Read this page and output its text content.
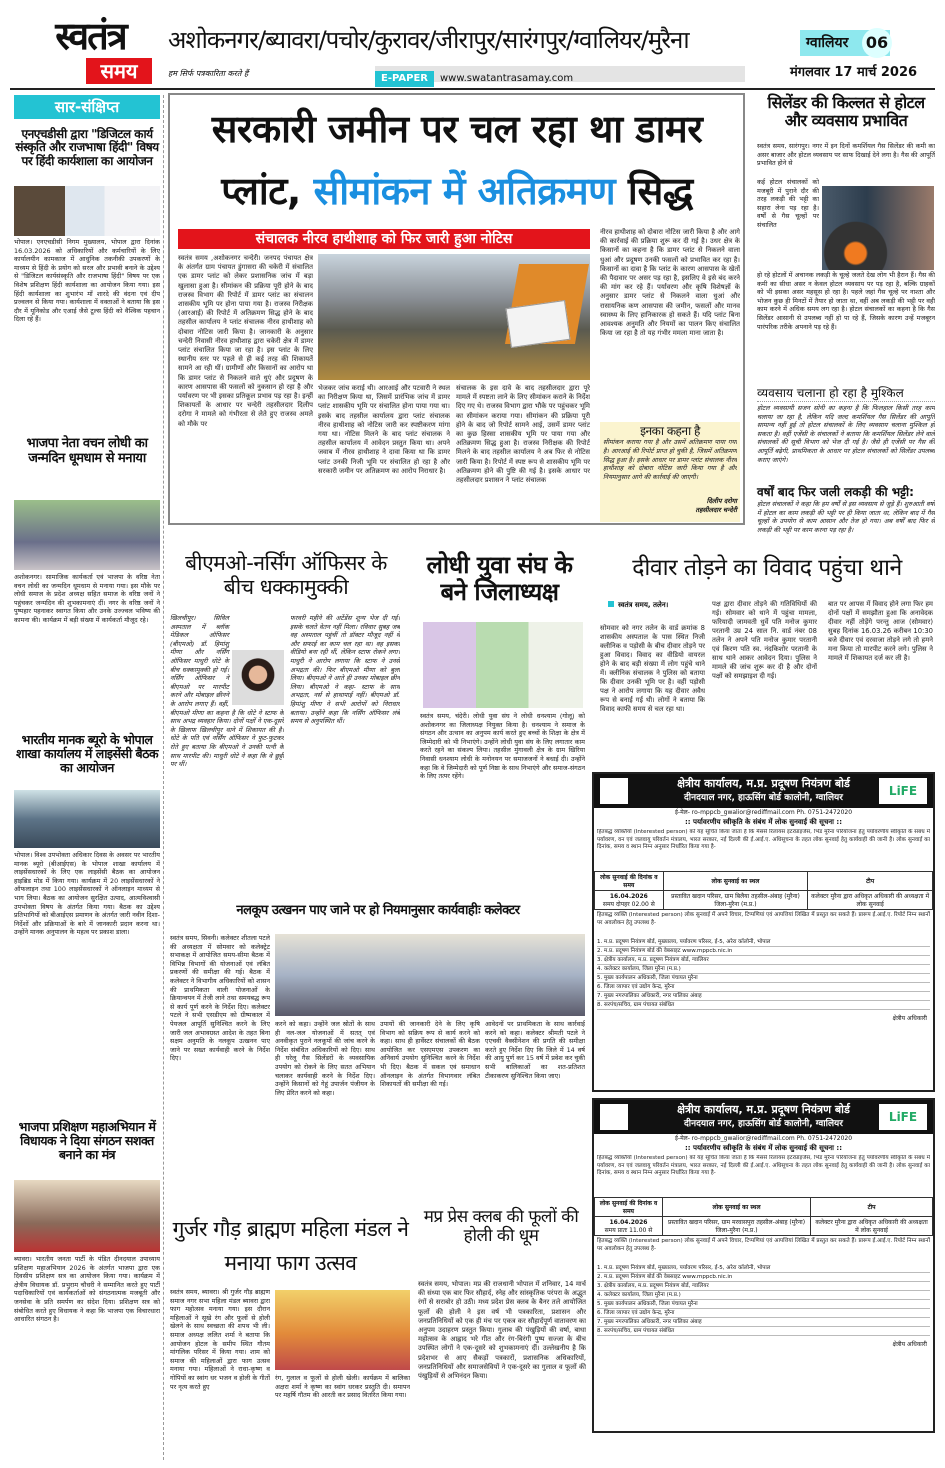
स्वतंत्र
समय
अशोकनगर/ब्यावरा/पचोर/कुरावर/जीरापुर/सारंगपुर/ग्वालियर/मुरैना	ग्वालियर 06
हम सिर्फ पत्रकारिता करते हैं	E-PAPER www.swatantrasamay.com	मंगलवार 17 मार्च 2026
सार-संक्षिप्त
एनएचडीसी द्वारा "डिजिटल कार्य संस्कृति और राजभाषा हिंदी" विषय पर हिंदी कार्यशाला का आयोजन
भोपाल। एनएचडीसी निगम मुख्यालय, भोपाल द्वारा दिनांक 16.03.2026 को अधिकारियों और कर्मचारियों के लिए कार्यालयीन कामकाज में आधुनिक तकनीकी उपकरणों के माध्यम से हिंदी के प्रयोग को सरल और प्रभावी बनाने के उद्देश्य से "डिजिटल कार्यसंस्कृति और राजभाषा हिंदी" विषय पर एक विशेष प्रशिक्षण हिंदी कार्यशाला का आयोजन किया गया। इस हिंदी कार्यशाला का शुभारंभ माँ शारदे की वंदना एवं दीप प्रज्वलन से किया गया। कार्यशाला में वक्ताओं ने बताया कि इस दौर में यूनिकोड और एआई जैसे टूल्स हिंदी को वैश्विक पहचान दिला रहे हैं।
भाजपा नेता वचन लोधी का जन्मदिन धूमधाम से मनाया
अशोकनगर। सामाजिक कार्यकर्ता एवं भाजपा के वरिष्ठ नेता वचन लोधी का जन्मदिन धूमधाम से मनाया गया। इस मौके पर लोधी समाज के प्रदेश अध्यक्ष सहित समाज के वरिष्ठ जनों ने पहुंचकर जन्मदिन की शुभकामनाएं दीं। नगर के वरिष्ठ जनों ने पुष्पहार पहनाकर स्वागत किया और उनके उज्ज्वल भविष्य की कामना की। कार्यक्रम में बड़ी संख्या में कार्यकर्ता मौजूद रहे।
भारतीय मानक ब्यूरो के भोपाल शाखा कार्यालय में लाइसेंसी बैठक का आयोजन
भोपाल। विश्व उपभोक्ता अधिकार दिवस के अवसर पर भारतीय मानक ब्यूरो (बीआईएस) के भोपाल शाखा कार्यालय में लाइसेंसधारकों के लिए एक लाइसेंसी बैठक का आयोजन हाइब्रिड मोड में किया गया। कार्यक्रम में 20 लाइसेंसधारकों ने ऑफलाइन तथा 100 लाइसेंसधारकों ने ऑनलाइन माध्यम से भाग लिया। बैठक का आयोजन सुरक्षित उत्पाद, आत्मविश्वासी उपभोक्ता विषय के अंतर्गत किया गया। बैठक का उद्देश्य प्रतिभागियों को बीआईएस प्रमाणन के अंतर्गत जारी नवीन दिशा-निर्देशों और प्रक्रियाओं के बारे में जानकारी प्रदान करना था। उन्होंने मानक अनुपालन के महत्व पर प्रकाश डाला।
भाजपा प्रशिक्षण महाअभियान में विधायक ने दिया संगठन सशक्त बनाने का मंत्र
ब्यावरा। भारतीय जनता पार्टी के पंडित दीनदयाल उपाध्याय प्रशिक्षण महाअभियान 2026 के अंतर्गत भाजपा द्वारा एक दिवसीय प्रशिक्षण सत्र का आयोजन किया गया। कार्यक्रम में क्षेत्रीय विधायक डॉ. प्रभुराम चौधरी ने सम्मानित करते हुए पार्टी पदाधिकारियों एवं कार्यकर्ताओं को संगठनात्मक मजबूती और जनसेवा के प्रति समर्पण का संदेश दिया। प्रशिक्षण सत्र को संबोधित करते हुए विधायक ने कहा कि भाजपा एक विचारधारा आधारित संगठन है।
सरकारी जमीन पर चल रहा था डामर
प्लांट, सीमांकन में अतिक्रमण सिद्ध
संचालक नीरव हाथीशाह को फिर जारी हुआ नोटिस
स्वतंत्र समय ,अशोकनगर चन्देरी। जनपद पंचायत क्षेत्र के अंतर्गत ग्राम पंचायत डुंगासरा की चकेरी में संचालित एक डामर प्लांट को लेकर प्रशासनिक जांच में बड़ा खुलासा हुआ है। सीमांकन की प्रक्रिया पूरी होने के बाद राजस्व विभाग की रिपोर्ट में डामर प्लांट का संचालन शासकीय भूमि पर होना पाया गया है। राजस्व निरीक्षक (आरआई) की रिपोर्ट में अतिक्रमण सिद्ध होने के बाद तहसील कार्यालय ने प्लांट संचालक नीरव हाथीशाह को दोबारा नोटिस जारी किया है। जानकारी के अनुसार चन्देरी निवासी नीरव हाथीशाह द्वारा चकेरी क्षेत्र में डामर प्लांट संचालित किया जा रहा है। इस प्लांट के लिए स्थानीय स्तर पर पहले से ही कई तरह की शिकायतें सामने आ रही थीं। ग्रामीणों और किसानों का आरोप था कि डामर प्लांट से निकलने वाले धुएं और प्रदूषण के कारण आसपास की फसलों को नुकसान हो रहा है और पर्यावरण पर भी इसका प्रतिकूल प्रभाव पड़ रहा है। इन्हीं शिकायतों के आधार पर चन्देरी तहसीलदार दिलीप दरोगा ने मामले को गंभीरता से लेते हुए राजस्व अमले को मौके पर
भेजकर जांच कराई थी। आरआई और पटवारी ने स्थल का निरीक्षण किया था, जिसमें प्रारंभिक जांच में डामर प्लांट शासकीय भूमि पर संचालित होना पाया गया था। इसके बाद तहसील कार्यालय द्वारा प्लांट संचालक नीरव हाथीशाह को नोटिस जारी कर स्पष्टीकरण मांगा गया था। नोटिस मिलने के बाद प्लांट संचालक ने तहसील कार्यालय में आवेदन प्रस्तुत किया था। अपने जवाब में नीरव हाथीशाह ने दावा किया था कि डामर प्लांट उनकी निजी भूमि पर संचालित हो रहा है और सरकारी जमीन पर अतिक्रमण का आरोप निराधार है।
संचालक के इस दावे के बाद तहसीलदार द्वारा पूरे मामले में स्पष्टता लाने के लिए सीमांकन कराने के निर्देश दिए गए थे। राजस्व विभाग द्वारा भौके पर पहुंचकर भूमि का सीमांकन कराया गया। सीमांकन की प्रक्रिया पूरी होने के बाद जो रिपोर्ट सामने आई, उसमें डामर प्लांट का कुछ हिस्सा शासकीय भूमि पर पाया गया और अतिक्रमण सिद्ध हुआ है। राजस्व निरीक्षक की रिपोर्ट मिलने के बाद तहसील कार्यालय ने अब फिर से नोटिस जारी किया है। रिपोर्ट में स्पष्ट रूप से शासकीय भूमि पर अतिक्रमण होने की पुष्टि की गई है। इसके आधार पर तहसीलदार प्रशासन ने प्लांट संचालक
नीरव हाथीशाह को दोबारा नोटिस जारी किया है और आगे की कार्रवाई की प्रक्रिया शुरू कर दी गई है। उधर क्षेत्र के किसानों का कहना है कि डामर प्लांट से निकलने वाला धुआं और प्रदूषण उनकी फसलों को प्रभावित कर रहा है। किसानों का दावा है कि प्लांट के कारण आसपास के खेतों की पैदावार पर असर पड़ रहा है, इसलिए वे इसे बंद करने की मांग कर रहे हैं। पर्यावरण और कृषि विशेषज्ञों के अनुसार डामर प्लांट से निकलने वाला धुआं और रासायनिक कण आसपास की जमीन, फसलों और मानव स्वास्थ्य के लिए हानिकारक हो सकते हैं। यदि प्लांट बिना आवश्यक अनुमति और नियमों का पालन किए संचालित किया जा रहा है तो यह गंभीर ममला माना जाता है।
इनका कहना है
सीमांकन कराया गया है और उसमें अतिक्रमण पाया गया है। आरआई की रिपोर्ट प्राप्त हो चुकी है, जिसमें अतिक्रमण सिद्ध हुआ है। इसके आधार पर डामर प्लांट संचालक नीरव हाथीशाह को दोबारा नोटिस जारी किया गया है और नियमानुसार आगे की कार्रवाई की जाएगी।
दिलीप दरोगा
तहसीलदार चन्देरी
सिलेंडर की किल्लत से होटल और व्यवसाय प्रभावित
स्वतंत्र समय, सारंगपुर। नगर में इन दिनों कमर्शियल गैस सिलेंडर की कमी का असर बाजार और होटल व्यवसाय पर साफ दिखाई देने लगा है। गैस की आपूर्ति प्रभावित होने से
कई होटल संचालकों को मजबूरी में पुराने दौर की तरह लकड़ी की भट्टी का सहारा लेना पड़ रहा है। वर्षों से गैस चूल्हों पर संचालित
हो रहे होटलों में अचानक लकड़ी के चूल्हे जलते देख लोग भी हैरान हैं। गैस की कमी का सीधा असर न केवल होटल व्यवसाय पर पड़ रहा है, बल्कि ग्राहकों को भी इसका असर महसूस हो रहा है। पहले जहां गैस चूल्हे पर नाश्ता और भोजन कुछ ही मिनटों में तैयार हो जाता था, वहीं अब लकड़ी की भट्टी पर वही काम करने में अधिक समय लग रहा है। होटल संचालकों का कहना है कि गैस सिलेंडर आसानी से उपलब्ध नहीं हो पा रहे हैं, जिसके कारण उन्हें मजबूरन पारंपरिक तरीके अपनाने पड़ रहे हैं।
व्यवसाय चलाना हो रहा है मुश्किल
होटल व्यवसायी सजन सोनी का कहना है कि फिलहाल किसी तरह काम चलाया जा रहा है, लेकिन यदि जल्द कमर्शियल गैस सिलेंडर की आपूर्ति सामान्य नहीं हुई तो होटल संचालकों के लिए व्यवसाय चलाना मुश्किल हो सकता है। वहीं एजेंसी के संचालकों ने बताया कि कमर्शियल सिलेंडर लेने वाले संचालकों की सूची विभाग को भेज दी गई है। जैसे ही एजेंसी पर गैस की आपूर्ति बढ़ेगी, प्राथमिकता के आधार पर होटल संचालकों को सिलेंडर उपलब्ध कराए जाएंगे।
वर्षों बाद फिर जली लकड़ी की भट्टी:
होटल संचालकों ने कहा कि हम वर्षों से इस व्यवसाय से जुड़े हैं। शुरुआती वर्षों में होटल का काम लकड़ी की भट्टी पर ही किया जाता था, लेकिन बाद में गैस चूल्हों के उपयोग से काम आसान और तेज हो गया। अब वर्षों बाद फिर से लकड़ी की भट्टी पर काम करना पड़ रहा है।
बीएमओ-नर्सिंग ऑफिसर के बीच धक्कामुक्की
खिलचीपुर। सिविल अस्पताल में ब्लॉक मेडिकल ऑफिसर (बीएमओ) डॉ. हिमांशु मीणा और नर्सिंग ऑफिसर माधुरी धोटे के बीच धक्कामुक्की हो गई। नर्सिंग ऑफिसर ने बीएमओ पर मारपीट करने और मोबाइल छीनने के आरोप लगाए हैं। वहीं, बीएमओ मीणा का कहना है कि धोटे ने स्टाफ के साथ अभद्र व्यवहार किया। दोनों पक्षों ने एक-दूसरे के खिलाफ खिलचीपुर थाने में शिकायत की है। धोटे के पति एवं नर्सिंग ऑफिसर ने फुट-फुटकर रोते हुए बताया कि बीएमओ ने उनकी पत्नी के साथ मारपीट की। माधुरी धोटे ने कहा कि वे छुट्टी पर थीं।
फरवरी महीने की अटेंडेंस शून्य भेज दी गई। इसके चलते वेतन नहीं मिला। रविवार सुबह जब वह अस्पताल पहुंचीं तो डॉक्टर मौजूद नहीं थे और सफाई का काम चल रहा था। वह इसका वीडियो बना रही थीं, लेकिन स्टाफ रोकने लगा। माधुरी ने आरोप लगाया कि स्टाफ ने उनसे अभद्रता की। फिर बीएमओ मीणा को बुला लिया। बीएमओ ने आते ही उनका मोबाइल छीन लिया। बीएमओ ने कहा- स्टाफ के साथ अभद्रता, नर्स से हाथापाई नहीं। बीएमओ डॉ. हिमांशु मीणा ने सभी आरोपों को निराधार बताया। उन्होंने कहा कि नर्सिंग ऑफिसर लंबे समय से अनुपस्थित थीं।
लोधी युवा संघ के बने जिलाध्यक्ष
स्वतंत्र समय, चंदेरी। लोधी युवा संघ ने लोधी धनश्याम (गोलू) को अशोकनगर का जिलाध्यक्ष नियुक्त किया है। धनश्याम ने समाज के संगठन और उत्थान का अनुपम कार्य करते हुए बच्चों के शिक्षा के क्षेत्र में जिम्मेदारी को भी निभाएंगे। उन्होंने लोधी युवा संघ के लिए लगातार काम करते रहने का संकल्प लिया। तहसील मुंगावली क्षेत्र के ग्राम खिरिया निवासी धनश्याम लोधी के मनोनयन पर समाजजनों ने बधाई दी। उन्होंने कहा कि वे जिम्मेदारी को पूर्ण निष्ठा के साथ निभाएंगे और समाज-संगठन के लिए तत्पर रहेंगे।
दीवार तोड़ने का विवाद पहुंचा थाने
स्वतंत्र समय, तलेन।
सोमवार को नगर तलेन के वार्ड क्रमांक 8 शासकीय अस्पताल के पास स्थित निजी क्लीनिक व पड़ोसी के बीच दीवार तोड़ने पर हुआ विवाद। विवाद का वीडियो वायरल होने के बाद बड़ी संख्या में लोग पहुंचे थाने में। क्लीनिक संचालक ने पुलिस को बताया कि दीवार उनकी भूमि पर है। वहीं पड़ोसी पक्ष ने आरोप लगाया कि यह दीवार अवैध रूप से बनाई गई थी। लोगों ने बताया कि विवाद काफी समय से चल रहा था।
पक्ष द्वारा दीवार तोड़ने की गतिविधियों की गई। सोमवार को थाने में पहुंचा मामला, फरियादी जामवती धुर्वे पति मनोज कुमार परतानी उम्र 24 साल नि. वार्ड नंबर 08 तलेन ने अपने पति मनोज कुमार परतानी एवं किरण पति स्व. नंदकिशोर परतानी के साथ थाने आकर आवेदन दिया। पुलिस ने मामले की जांच शुरू कर दी है और दोनों पक्षों को समझाइश दी गई।
बात पर आपस में विवाद होने लगा फिर हम दोनों पक्षों में समझौता हुआ कि अनावेदक दीवार नहीं तोड़ेंगे परन्तु आज (सोमवार) सुबह दिनांक 16.03.26 करीबन 10:30 बजे दीवार एवं दरवाजा तोड़ने लगे तो हमने मना किया तो मारपीट करने लगे। पुलिस ने मामले में शिकायत दर्ज कर ली है।
क्षेत्रीय कार्यालय, म.प्र. प्रदूषण नियंत्रण बोर्ड
दीनदयाल नगर, हाऊसिंग बोर्ड कालोनी, ग्वालियर	LiFE
ई-मेल- ro-mppcb_gwalior@rediffmail.com Ph. 0751-2472020
:: पर्यावरणीय स्वीकृति के संबंध में लोक सुनवाई की सूचना ::
हितबद्ध व्यक्तियों (Interested person) को यह सूचित किया जाता है कि मेसर्स रिलायंस इंटरप्राइजेस, भिंड मुरैना परियोजना हेतु पर्यावरणीय स्वीकृति के संबंध में पर्यावरण, वन एवं जलवायु परिवर्तन मंत्रालय, भारत सरकार, नई दिल्ली की ई.आई.ए. अधिसूचना के तहत लोक सुनवाई हेतु कार्यवाही की जानी है। लोक सुनवाई का दिनांक, समय व स्थान निम्न अनुसार निर्धारित किया गया है-
लोक सुनवाई की दिनांक व समय	लोक सुनवाई का स्थल	टीप
16.04.2026
समय दोपहर 02.00 से	प्रस्तावित खदान परिसर, ग्राम बिलैया तहसील-अंबाह (मुरैना) जिला-मुरैना (म.प्र.)	कलेक्टर मुरैना द्वारा अधिकृत अधिकारी की अध्यक्षता में लोक सुनवाई
हितबद्ध व्यक्ति (Interested person) लोक सुनवाई में अपने विचार, टिप्पणियां एवं आपत्तियां लिखित में प्रस्तुत कर सकते हैं। प्रारूप ई.आई.ए. रिपोर्ट निम्न स्थानों पर अवलोकन हेतु उपलब्ध है-
1. म.प्र. प्रदूषण नियंत्रण बोर्ड, मुख्यालय, पर्यावरण परिसर, ई-5, अरेरा कॉलोनी, भोपाल
2. म.प्र. प्रदूषण नियंत्रण बोर्ड की वेबसाइट www.mppcb.nic.in
3. क्षेत्रीय कार्यालय, म.प्र. प्रदूषण नियंत्रण बोर्ड, ग्वालियर
4. कलेक्टर कार्यालय, जिला मुरैना (म.प्र.)
5. मुख्य कार्यपालन अधिकारी, जिला पंचायत मुरैना
6. जिला व्यापार एवं उद्योग केन्द्र, मुरैना
7. मुख्य नगरपालिका अधिकारी, नगर पालिका अंबाह
8. सरपंच/सचिव, ग्राम पंचायत संबंधित
क्षेत्रीय अधिकारी
क्षेत्रीय कार्यालय, म.प्र. प्रदूषण नियंत्रण बोर्ड
दीनदयाल नगर, हाऊसिंग बोर्ड कालोनी, ग्वालियर	LiFE
ई-मेल- ro-mppcb_gwalior@rediffmail.com Ph. 0751-2472020
:: पर्यावरणीय स्वीकृति के संबंध में लोक सुनवाई की सूचना ::
हितबद्ध व्यक्तियों (Interested person) को यह सूचित किया जाता है कि मेसर्स रिलायंस इंटरप्राइजेस, भिंड मुरैना परियोजना हेतु पर्यावरणीय स्वीकृति के संबंध में पर्यावरण, वन एवं जलवायु परिवर्तन मंत्रालय, भारत सरकार, नई दिल्ली की ई.आई.ए. अधिसूचना के तहत लोक सुनवाई हेतु कार्यवाही की जानी है। लोक सुनवाई का दिनांक, समय व स्थान निम्न अनुसार निर्धारित किया गया है-
लोक सुनवाई की दिनांक व समय	लोक सुनवाई का स्थल	टीप
16.04.2026
समय प्रातः 11.00 से	प्रस्तावित खदान परिसर, ग्राम मरवासपुरा तहसील-अंबाह (मुरैना) जिला-मुरैना (म.प्र.)	कलेक्टर मुरैना द्वारा अधिकृत अधिकारी की अध्यक्षता में लोक सुनवाई
हितबद्ध व्यक्ति (Interested person) लोक सुनवाई में अपने विचार, टिप्पणियां एवं आपत्तियां लिखित में प्रस्तुत कर सकते हैं। प्रारूप ई.आई.ए. रिपोर्ट निम्न स्थानों पर अवलोकन हेतु उपलब्ध है-
1. म.प्र. प्रदूषण नियंत्रण बोर्ड, मुख्यालय, पर्यावरण परिसर, ई-5, अरेरा कॉलोनी, भोपाल
2. म.प्र. प्रदूषण नियंत्रण बोर्ड की वेबसाइट www.mppcb.nic.in
3. क्षेत्रीय कार्यालय, म.प्र. प्रदूषण नियंत्रण बोर्ड, ग्वालियर
4. कलेक्टर कार्यालय, जिला मुरैना (म.प्र.)
5. मुख्य कार्यपालन अधिकारी, जिला पंचायत मुरैना
6. जिला व्यापार एवं उद्योग केन्द्र, मुरैना
7. मुख्य नगरपालिका अधिकारी, नगर पालिका अंबाह
8. सरपंच/सचिव, ग्राम पंचायत संबंधित
क्षेत्रीय अधिकारी
नलकूप उत्खनन पाए जाने पर हो नियमानुसार कार्यवाहीः कलेक्टर
स्वतंत्र समय, सिवनी। कलेक्टर शीतला पटले की अध्यक्षता में सोमवार को कलेक्ट्रेट सभाकक्ष में आयोजित समय-सीमा बैठक में विभिन्न विभागों की योजनाओं एवं लंबित प्रकरणों की समीक्षा की गई। बैठक में कलेक्टर ने विभागीय अधिकारियों को शासन की प्राथमिकता वाली योजनाओं के क्रियान्वयन में तेजी लाने तथा समयबद्ध रूप से कार्य पूर्ण करने के निर्देश दिए। कलेक्टर पटले ने सभी एसडीएम को ग्रीष्मकाल में पेयजल आपूर्ति सुनिश्चित करने के लिए जारी जल अभावग्रस्त आदेश के तहत बिना सक्षम अनुमति के नलकूप उत्खनन पाए जाने पर सख्त कार्यवाही करने के निर्देश दिए।
करने को कहा। उन्होंने जल स्रोतों के साथ ही नल-जल योजनाओं में सतत् एवं अनवीकृत पुराने नलकूपों की जांच करने के निर्देश संबंधित अधिकारियों को दिए। साथ ही घरेलू गैस सिलेंडरों के व्यवसायिक उपयोग को रोकने के लिए सतत अभियान चलाकर कार्यवाही करने के निर्देश दिए। उन्होंने किसानों को गेहूं उपार्जन पंजीयन के लिए प्रेरित करने को कहा।
उपायों की जानकारी देने के लिए कृषि विभाग को सक्रिय रूप से कार्य करने को कहा। साथ ही हार्वेस्टर संचालकों की बैठक आयोजित कर एसएमएस उपकरण का अनिवार्य उपयोग सुनिश्चित करने के निर्देश भी दिए। बैठक में सकल एवं समाधान ऑनलाइन के अंतर्गत विभागवार लंबित शिकायतों की समीक्षा की गई।
आवेदनों पर प्राथमिकता के साथ कार्रवाई करने को कहा। कलेक्टर श्रीमती पटले ने एएचवी वैक्सीनेशन की प्रगति की समीक्षा करते हुए निर्देश दिए कि जिले में 14 वर्ष की आयु पूर्ण कर 15 वर्ष में प्रवेश कर चुकी सभी बालिकाओं का शत-प्रतिशत टीकाकरण सुनिश्चित किया जाए।
गुर्जर गौड़ ब्राह्मण महिला मंडल ने मनाया फाग उत्सव
स्वतंत्र समय, ब्यावरा। श्री गुर्जर गौड़ ब्राह्मण समाज नगर सभा महिला मंडल ब्यावरा द्वारा फाग महोत्सव मनाया गया। इस दौरान महिलाओं ने सूखे रंग और फूलों से होली खेलने के साथ स्वच्छता की शपथ भी ली। समाज अध्यक्ष ललित शर्मा ने बताया कि आयोजन होटल के समीप स्थित गौतम मांगलिक परिसर में किया गया। शाम को समाज की महिलाओं द्वारा फाग उत्सव मनाया गया। महिलाओं ने राधा-कृष्ण व गोपियों का स्वांग धर भजन व होली के गीतों पर नृत्य करते हुए
रंग, गुलाल व फूलों से होली खेली। कार्यक्रम में बालिका अक्षरा शर्मा ने कृष्ण का स्वांग धरकर प्रस्तुति दी। समापन पर महर्षि गौतम की आरती कर प्रसाद वितरित किया गया।
मप्र प्रेस क्लब की फूलों की होली की धूम
स्वतंत्र समय, भोपाल। मप्र की राजधानी भोपाल में शनिवार, 14 मार्च की संध्या एक बार फिर सौहार्द, स्नेह और सांस्कृतिक परंपरा के अद्भुत रंगों से सराबोर हो उठी। मध्य प्रदेश प्रेस क्लब के बैनर तले आयोजित फूलों की होली ने इस वर्ष भी पत्रकारिता, प्रशासन और जनप्रतिनिधियों को एक ही मंच पर एकत्र कर सौहार्दपूर्ण वातावरण का अनुपम उदाहरण प्रस्तुत किया। गुलाब की पंखुड़ियों की वर्षा, बाधा महोत्सव के आह्लाद भरे गीत और रंग-बिरंगी पुष्प सज्जा के बीच उपस्थित लोगों ने एक-दूसरे को शुभकामनाएं दीं। उल्लेखनीय है कि प्रदेशभर से आए सैकड़ों पत्रकारों, प्रशासनिक अधिकारियों, जनप्रतिनिधियों और समाजसेवियों ने एक-दूसरे का गुलाल व फूलों की पंखुड़ियों से अभिनंदन किया।
